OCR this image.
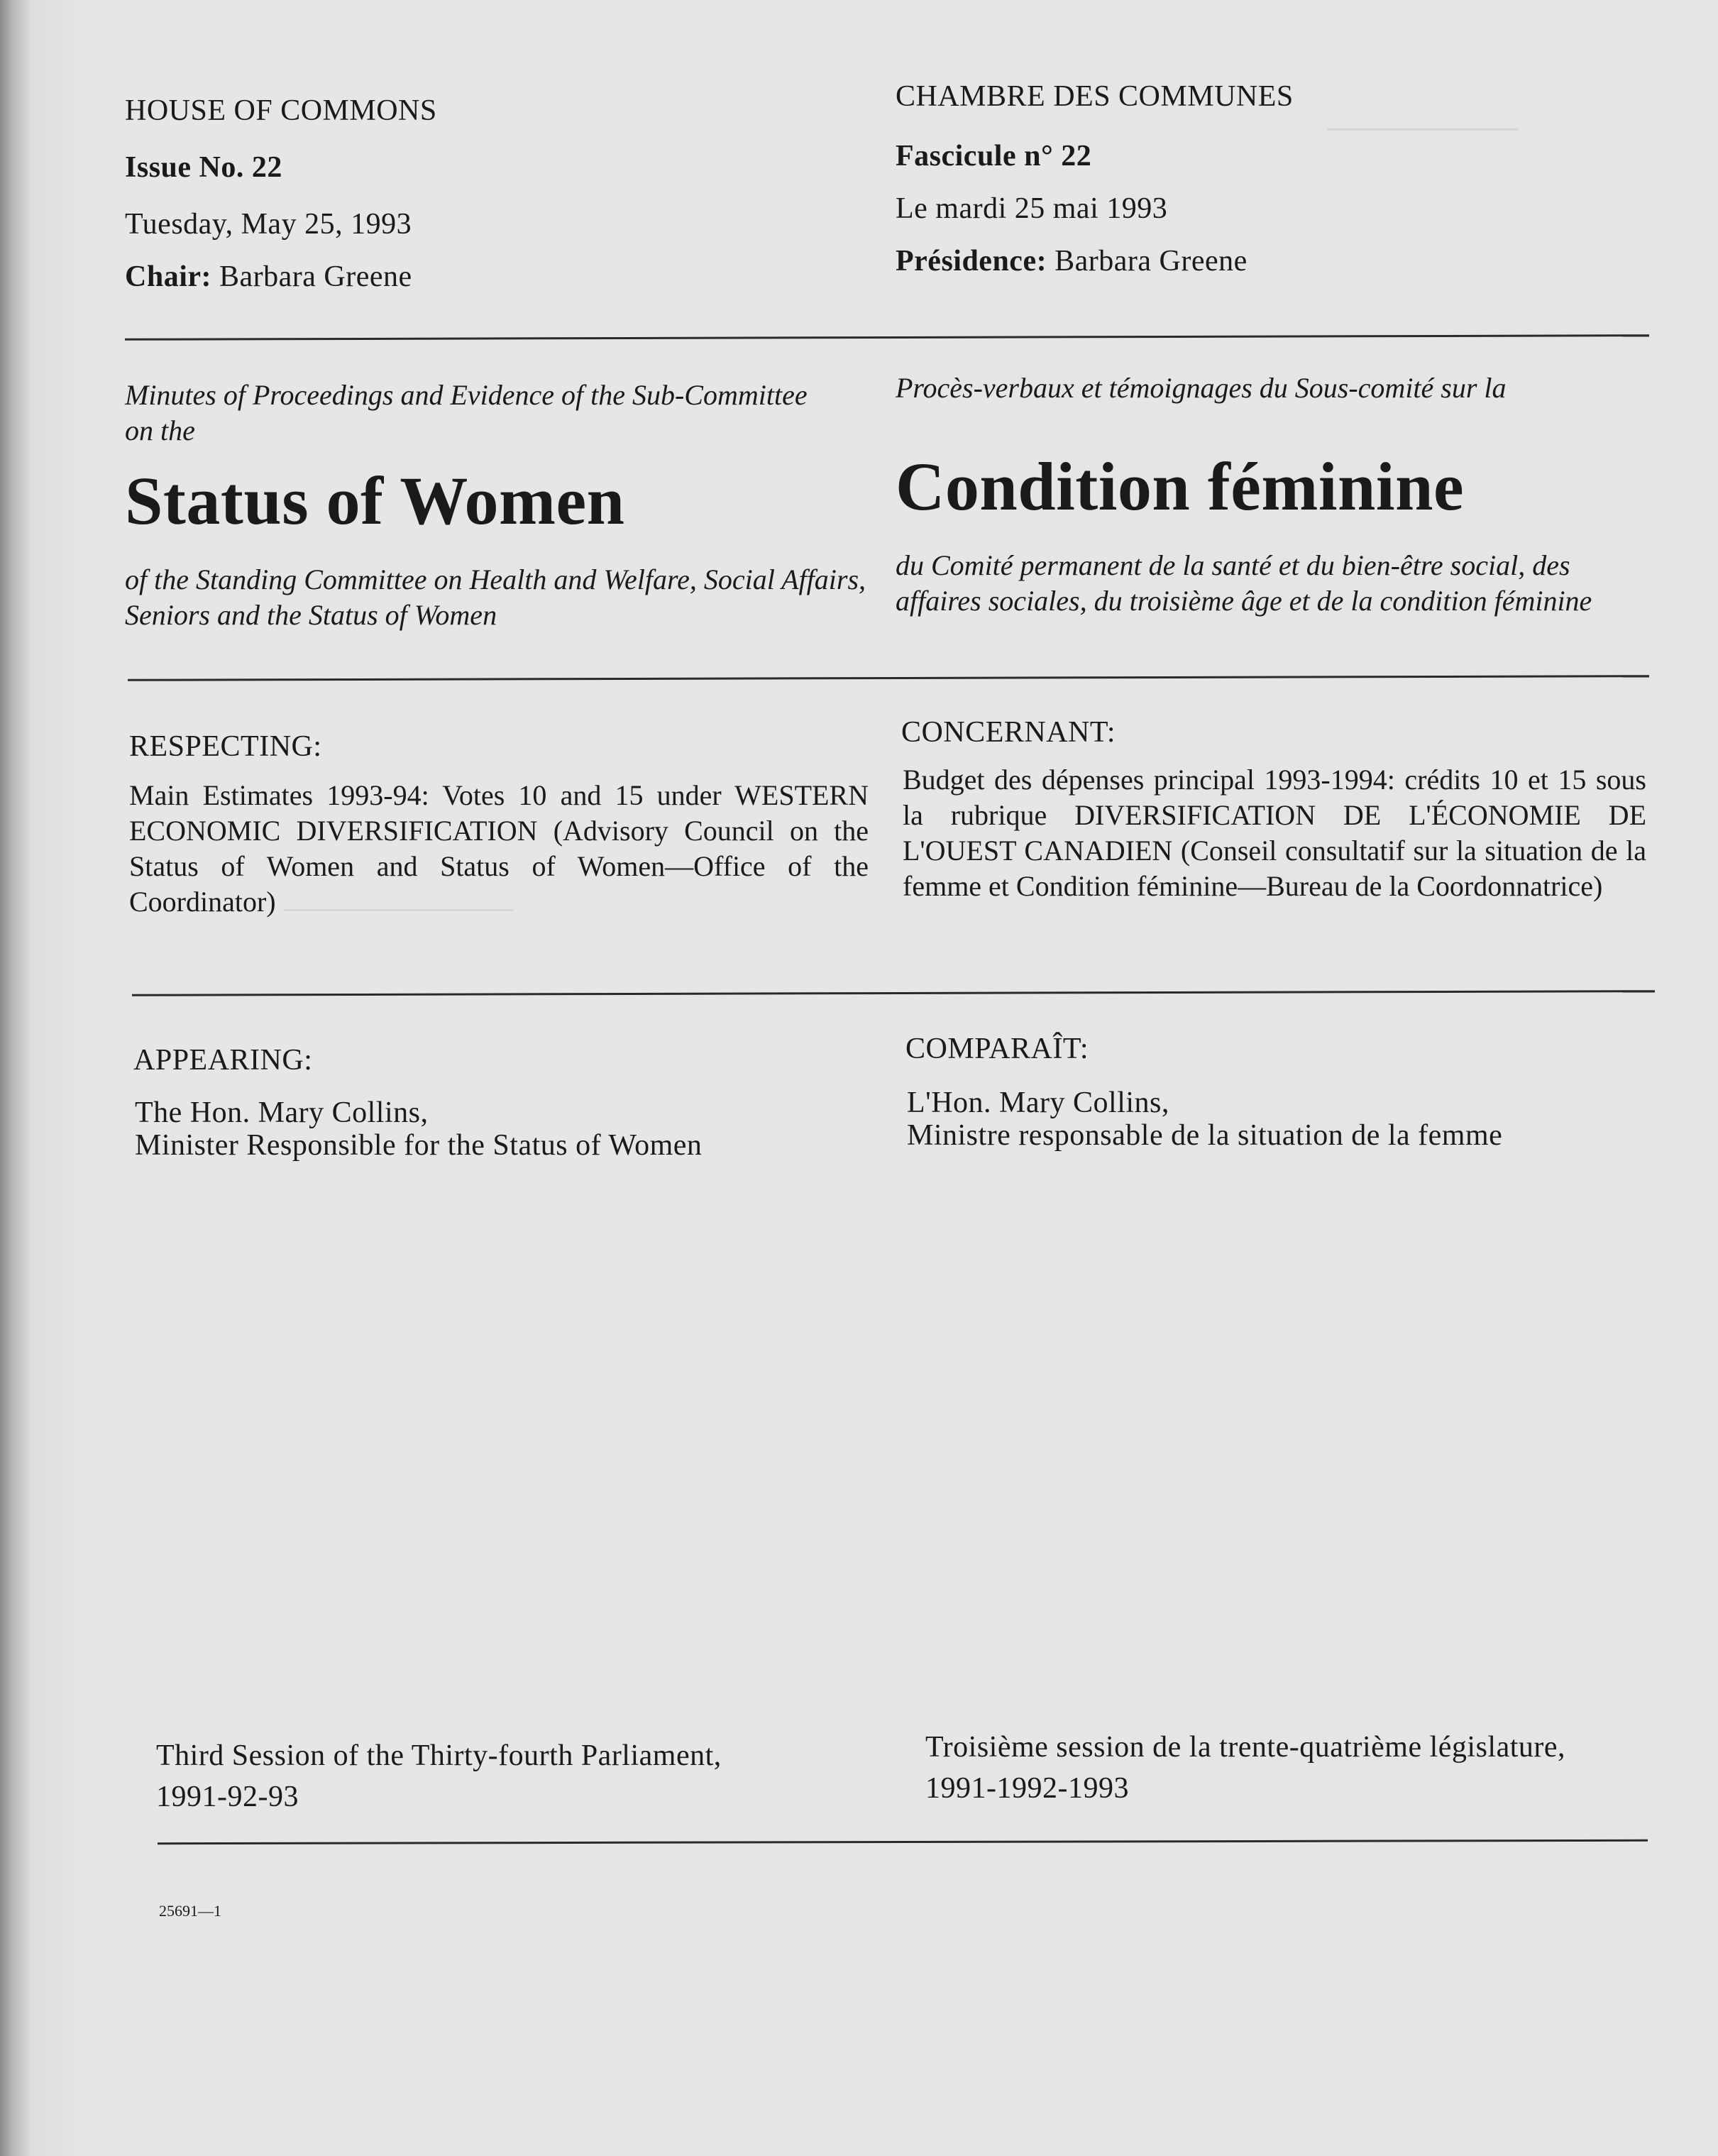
──────────
────────────
HOUSE OF COMMONS
Issue No. 22
Tuesday, May 25, 1993
Chair: Barbara Greene
CHAMBRE DES COMMUNES
Fascicule n° 22
Le mardi 25 mai 1993
Présidence: Barbara Greene
Minutes of Proceedings and Evidence of the Sub-Committee
on the
Status of Women
of the Standing Committee on Health and Welfare, Social Affairs, Seniors and the Status of Women
Procès-verbaux et témoignages du Sous-comité sur la
Condition féminine
du Comité permanent de la santé et du bien-être social, des affaires sociales, du troisième âge et de la condition féminine
RESPECTING:
Main Estimates 1993-94: Votes 10 and 15 under WESTERN ECONOMIC DIVERSIFICATION (Advisory Council on the Status of Women and Status of Women—Office of the Coordinator)
CONCERNANT:
Budget des dépenses principal 1993-1994: crédits 10 et 15 sous la rubrique DIVERSIFICATION DE L'ÉCONOMIE DE L'OUEST CANADIEN (Conseil consultatif sur la situation de la femme et Condition féminine—Bureau de la Coordonnatrice)
APPEARING:
The Hon. Mary Collins,
Minister Responsible for the Status of Women
COMPARAÎT:
L'Hon. Mary Collins,
Ministre responsable de la situation de la femme
Third Session of the Thirty-fourth Parliament,
1991-92-93
Troisième session de la trente-quatrième législature,
1991-1992-1993
25691—1
